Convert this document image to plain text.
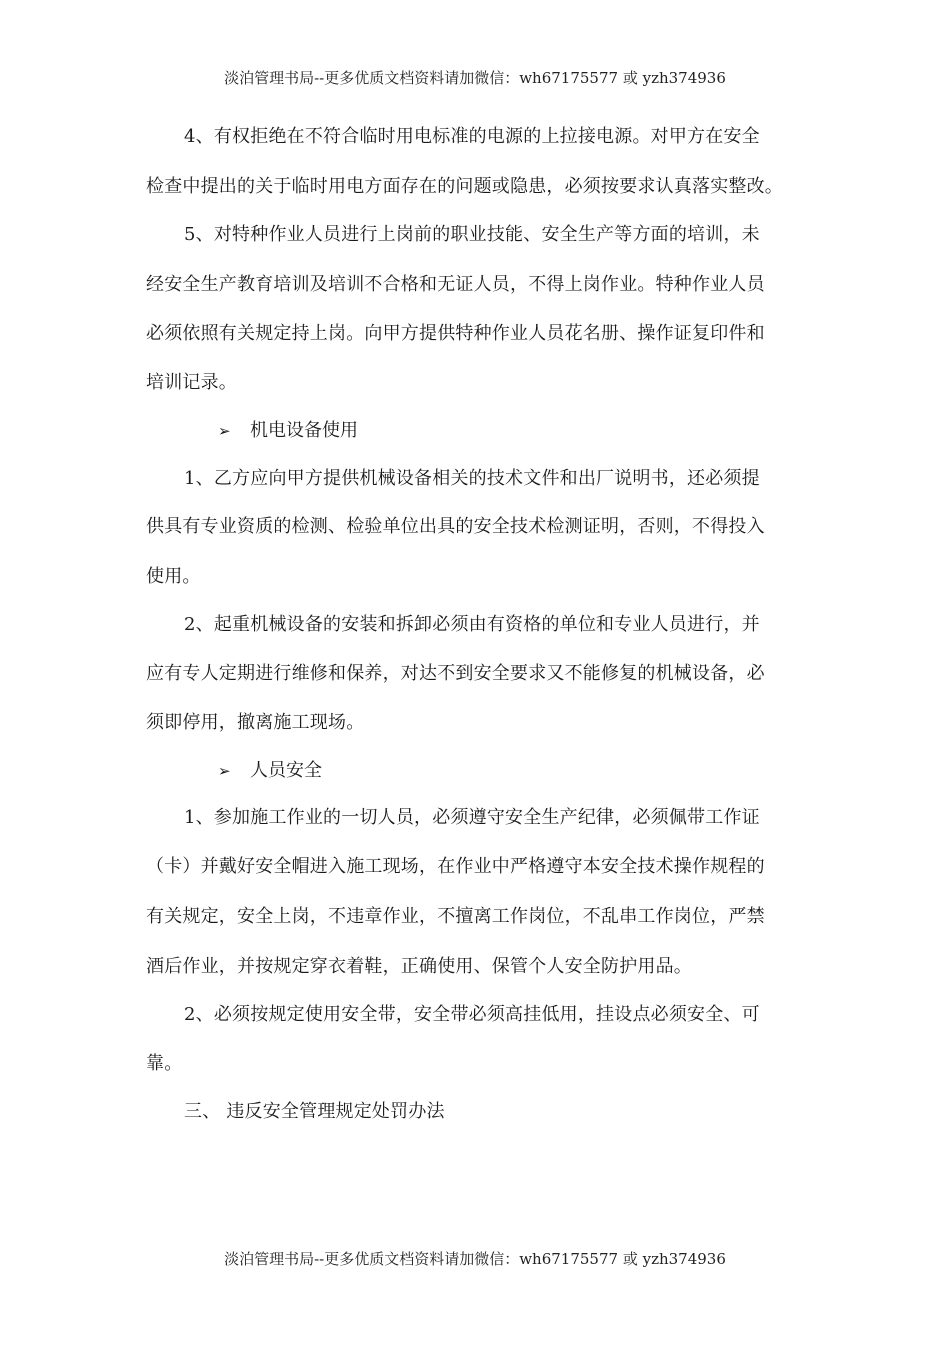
淡泊管理书局--更多优质文档资料请加微信：wh67175577 或 yzh374936
4、有权拒绝在不符合临时用电标准的电源的上拉接电源。对甲方在安全
检查中提出的关于临时用电方面存在的问题或隐患，必须按要求认真落实整改。
5、对特种作业人员进行上岗前的职业技能、安全生产等方面的培训，未
经安全生产教育培训及培训不合格和无证人员，不得上岗作业。特种作业人员
必须依照有关规定持上岗。向甲方提供特种作业人员花名册、操作证复印件和
培训记录。
➢ 机电设备使用
1、乙方应向甲方提供机械设备相关的技术文件和出厂说明书，还必须提
供具有专业资质的检测、检验单位出具的安全技术检测证明，否则，不得投入
使用。
2、起重机械设备的安装和拆卸必须由有资格的单位和专业人员进行，并
应有专人定期进行维修和保养，对达不到安全要求又不能修复的机械设备，必
须即停用，撤离施工现场。
➢ 人员安全
1、参加施工作业的一切人员，必须遵守安全生产纪律，必须佩带工作证
（卡）并戴好安全帽进入施工现场，在作业中严格遵守本安全技术操作规程的
有关规定，安全上岗，不违章作业，不擅离工作岗位，不乱串工作岗位，严禁
酒后作业，并按规定穿衣着鞋，正确使用、保管个人安全防护用品。
2、必须按规定使用安全带，安全带必须高挂低用，挂设点必须安全、可
靠。
三、 违反安全管理规定处罚办法
淡泊管理书局--更多优质文档资料请加微信：wh67175577 或 yzh374936
